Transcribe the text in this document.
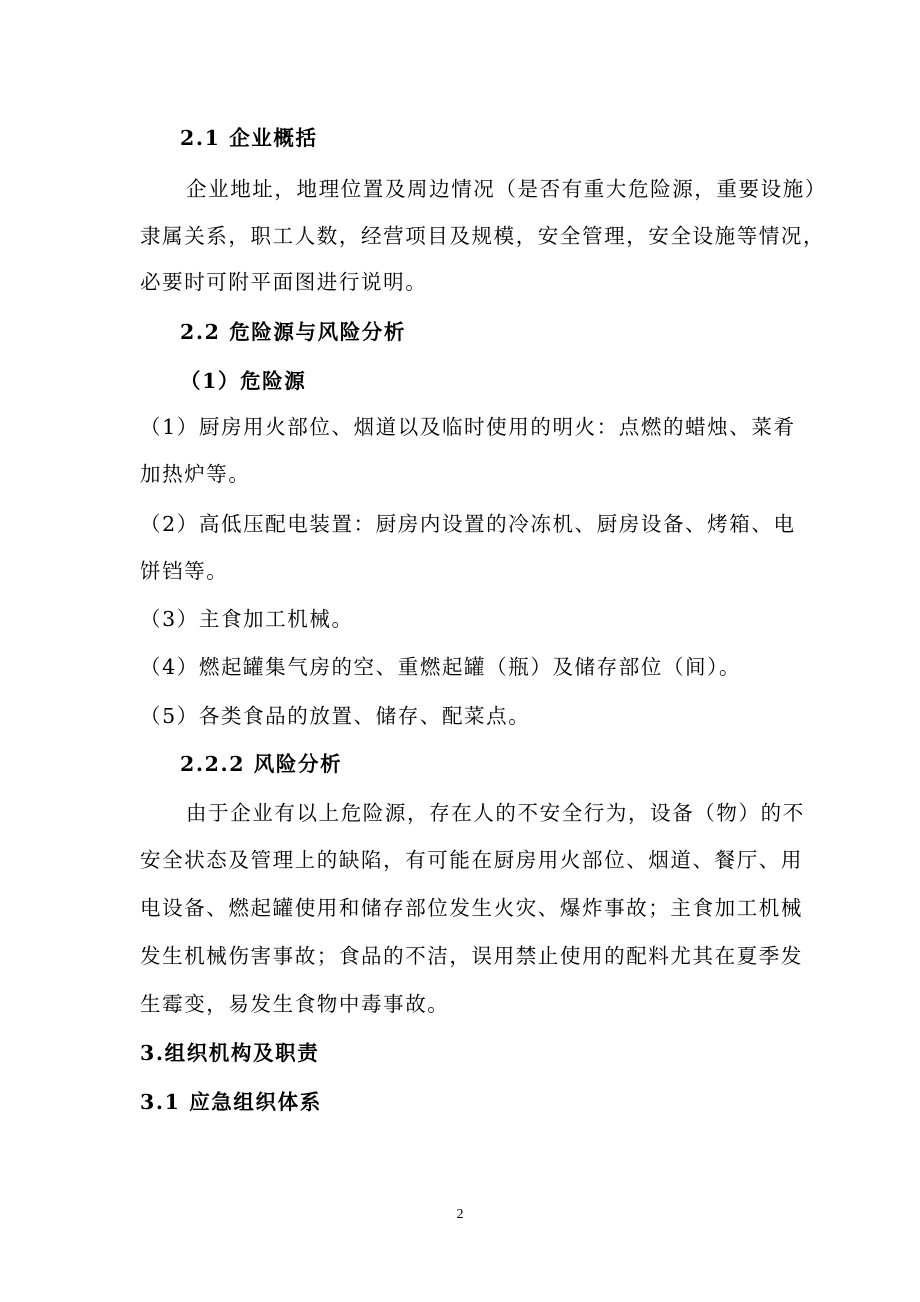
2.1 企业概括
企业地址，地理位置及周边情况（是否有重大危险源，重要设施）
隶属关系，职工人数，经营项目及规模，安全管理，安全设施等情况，
必要时可附平面图进行说明。
2.2 危险源与风险分析
（1）危险源
（1）厨房用火部位、烟道以及临时使用的明火：点燃的蜡烛、菜肴
加热炉等。
（2）高低压配电装置：厨房内设置的冷冻机、厨房设备、烤箱、电
饼铛等。
（3）主食加工机械。
（4）燃起罐集气房的空、重燃起罐（瓶）及储存部位（间）。
（5）各类食品的放置、储存、配菜点。
2.2.2 风险分析
由于企业有以上危险源，存在人的不安全行为，设备（物）的不
安全状态及管理上的缺陷，有可能在厨房用火部位、烟道、餐厅、用
电设备、燃起罐使用和储存部位发生火灾、爆炸事故；主食加工机械
发生机械伤害事故；食品的不洁，误用禁止使用的配料尤其在夏季发
生霉变，易发生食物中毒事故。
3.组织机构及职责
3.1 应急组织体系
2
